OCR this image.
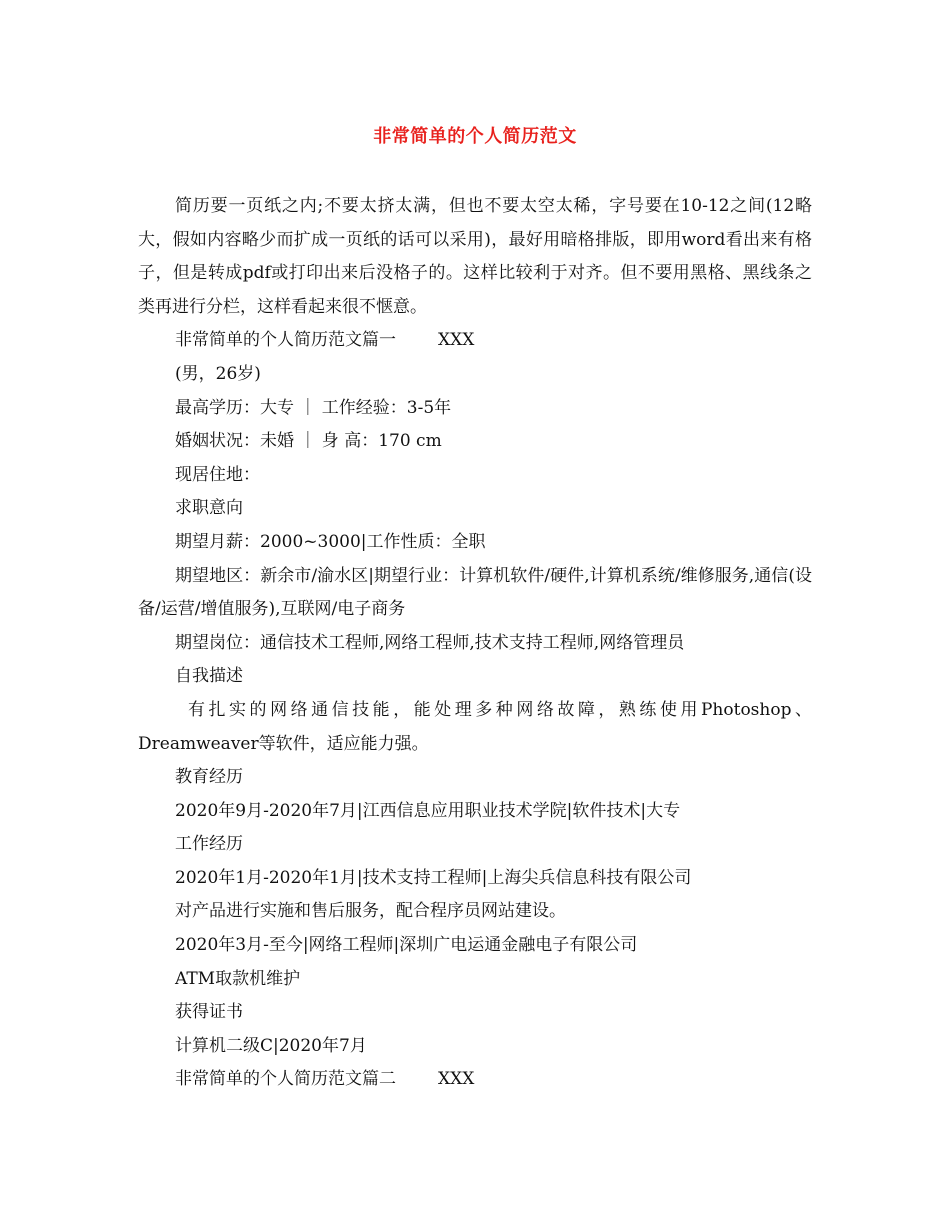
非常简单的个人简历范文

简历要一页纸之内;不要太挤太满，但也不要太空太稀，字号要在10-12之间(12略大，假如内容略少而扩成一页纸的话可以采用)，最好用暗格排版，即用word看出来有格子，但是转成pdf或打印出来后没格子的。这样比较利于对齐。但不要用黑格、黑线条之类再进行分栏，这样看起来很不惬意。

非常简单的个人简历范文篇一 XXX
(男，26岁)
最高学历：大专 ｜ 工作经验：3-5年
婚姻状况：未婚 ｜ 身 高：170 cm
现居住地：
求职意向
期望月薪：2000~3000|工作性质：全职

期望地区：新余市/渝水区|期望行业：计算机软件/硬件,计算机系统/维修服务,通信(设备/运营/增值服务),互联网/电子商务

期望岗位：通信技术工程师,网络工程师,技术支持工程师,网络管理员
自我描述

有扎实的网络通信技能，能处理多种网络故障，熟练使用Photoshop、Dreamweaver等软件，适应能力强。

教育经历
2020年9月-2020年7月|江西信息应用职业技术学院|软件技术|大专
工作经历
2020年1月-2020年1月|技术支持工程师|上海尖兵信息科技有限公司
对产品进行实施和售后服务，配合程序员网站建设。
2020年3月-至今|网络工程师|深圳广电运通金融电子有限公司
ATM取款机维护
获得证书
计算机二级C|2020年7月
非常简单的个人简历范文篇二 XXX
